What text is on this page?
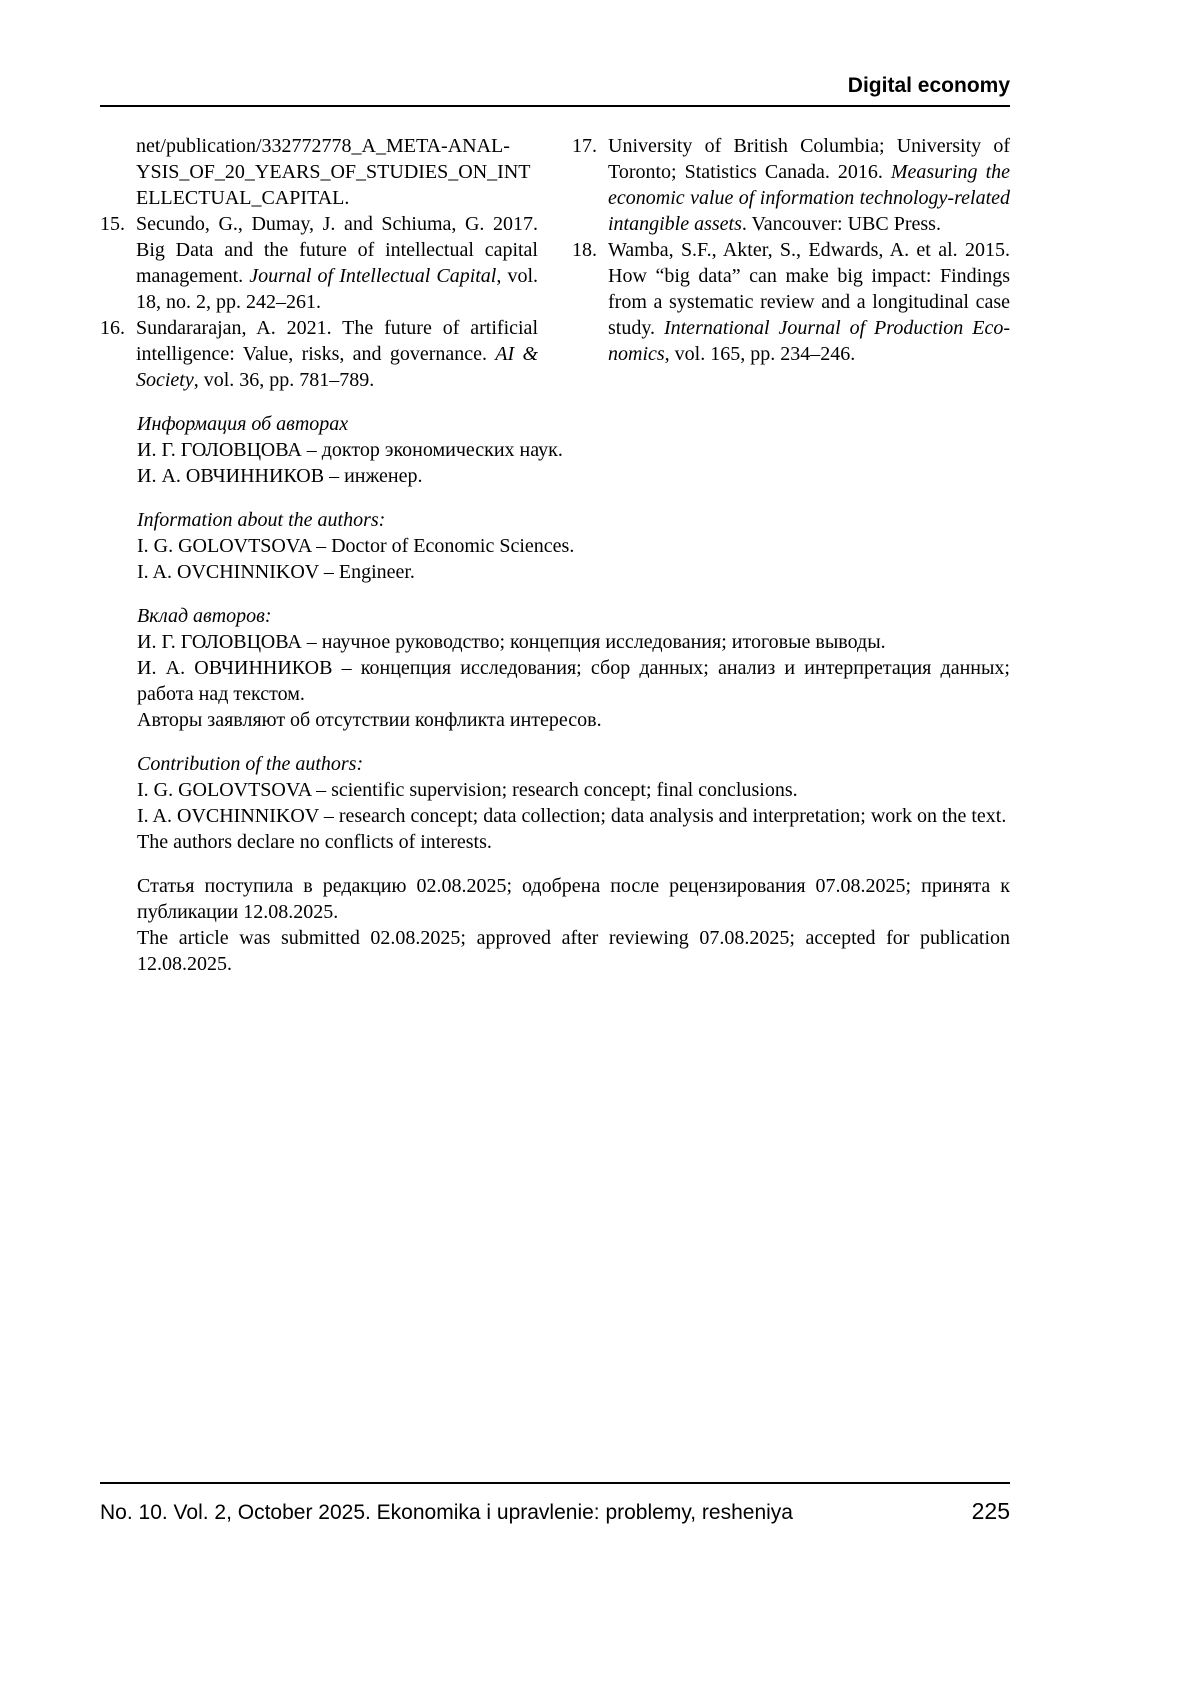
Digital economy
net/publication/332772778_A_META-ANALYSIS_OF_20_YEARS_OF_STUDIES_ON_INTELLECTUAL_CAPITAL.
15. Secundo, G., Dumay, J. and Schiuma, G. 2017. Big Data and the future of intellectual capital management. Journal of Intellectual Capital, vol. 18, no. 2, pp. 242–261.
16. Sundararajan, A. 2021. The future of artificial intelligence: Value, risks, and governance. AI & Society, vol. 36, pp. 781–789.
17. University of British Columbia; University of Toronto; Statistics Canada. 2016. Measuring the economic value of information technology-related intangible assets. Vancouver: UBC Press.
18. Wamba, S.F., Akter, S., Edwards, A. et al. 2015. How “big data” can make big impact: Findings from a systematic review and a longitudinal case study. International Journal of Production Economics, vol. 165, pp. 234–246.

Информация об авторах

И. Г. ГОЛОВЦОВА – доктор экономических наук.

И. А. ОВЧИННИКОВ – инженер.

Information about the authors:

I. G. GOLOVTSOVA – Doctor of Economic Sciences.

I. A. OVCHINNIKOV – Engineer.

Вклад авторов:

И. Г. ГОЛОВЦОВА – научное руководство; концепция исследования; итоговые выводы.

И. А. ОВЧИННИКОВ – концепция исследования; сбор данных; анализ и интерпретация данных; работа над текстом.

Авторы заявляют об отсутствии конфликта интересов.

Contribution of the authors:

I. G. GOLOVTSOVA – scientific supervision; research concept; final conclusions.

I. A. OVCHINNIKOV – research concept; data collection; data analysis and interpretation; work on the text.

The authors declare no conflicts of interests.

Статья поступила в редакцию 02.08.2025; одобрена после рецензирования 07.08.2025; принята к публикации 12.08.2025.

The article was submitted 02.08.2025; approved after reviewing 07.08.2025; accepted for publication 12.08.2025.

No. 10. Vol. 2, October 2025. Ekonomika i upravlenie: problemy, resheniya	225
